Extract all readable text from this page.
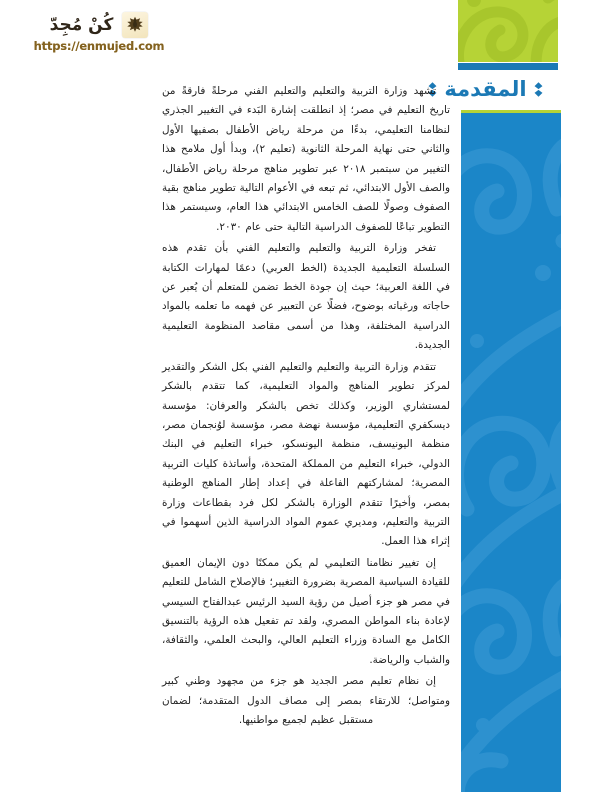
كُنْ مُجِدّ
https://enmujed.com
المقدمة

تشهد وزارة التربية والتعليم والتعليم الفني مرحلةً فارقةً من تاريخ التعليم في مصر؛ إذ انطلقت إشارة البَدء في التغيير الجذري لنظامنا التعليمي، بدءًا من مرحلة رياض الأطفال بصفيها الأول والثاني حتى نهاية المرحلة الثانوية (تعليم ٢)، وبدأ أول ملامح هذا التغيير من سبتمبر ٢٠١٨ عبر تطوير مناهج مرحلة رياض الأطفال، والصف الأول الابتدائي، ثم تبعه في الأعوام التالية تطوير مناهج بقية الصفوف وصولًا للصف الخامس الابتدائي هذا العام، وسيستمر هذا التطوير تباعًا للصفوف الدراسية التالية حتى عام ٢٠٣٠.

تفخر وزارة التربية والتعليم والتعليم الفني بأن تقدم هذه السلسلة التعليمية الجديدة (الخط العربي) دعمًا لمهارات الكتابة في اللغة العربية؛ حيث إن جودة الخط تضمن للمتعلم أن يُعبر عن حاجاته ورغباته بوضوح، فضلًا عن التعبير عن فهمه ما تعلمه بالمواد الدراسية المختلفة، وهذا من أسمى مقاصد المنظومة التعليمية الجديدة.

تتقدم وزارة التربية والتعليم والتعليم الفني بكل الشكر والتقدير لمركز تطوير المناهج والمواد التعليمية، كما تتقدم بالشكر لمستشاري الوزير، وكذلك تخص بالشكر والعرفان: مؤسسة ديسكفري التعليمية، مؤسسة نهضة مصر، مؤسسة لوُنجمان مصر، منظمة اليونيسف، منظمة اليونسكو، خبراء التعليم في البنك الدولي، خبراء التعليم من المملكة المتحدة، وأساتذة كليات التربية المصرية؛ لمشاركتهم الفاعلة في إعداد إطار المناهج الوطنية بمصر، وأخيرًا تتقدم الوزارة بالشكر لكل فرد بقطاعات وزارة التربية والتعليم، ومديري عموم المواد الدراسية الذين أسهموا في إثراء هذا العمل.

إن تغيير نظامنا التعليمي لم يكن ممكنًا دون الإيمان العميق للقيادة السياسية المصرية بضرورة التغيير؛ فالإصلاح الشامل للتعليم في مصر هو جزء أصيل من رؤية السيد الرئيس عبدالفتاح السيسي لإعادة بناء المواطن المصري، ولقد تم تفعيل هذه الرؤية بالتنسيق الكامل مع السادة وزراء التعليم العالي، والبحث العلمي، والثقافة، والشباب والرياضة.

إن نظام تعليم مصر الجديد هو جزء من مجهود وطني كبير ومتواصل؛ للارتقاء بمصر إلى مصاف الدول المتقدمة؛ لضمان مستقبل عظيم لجميع مواطنيها.
